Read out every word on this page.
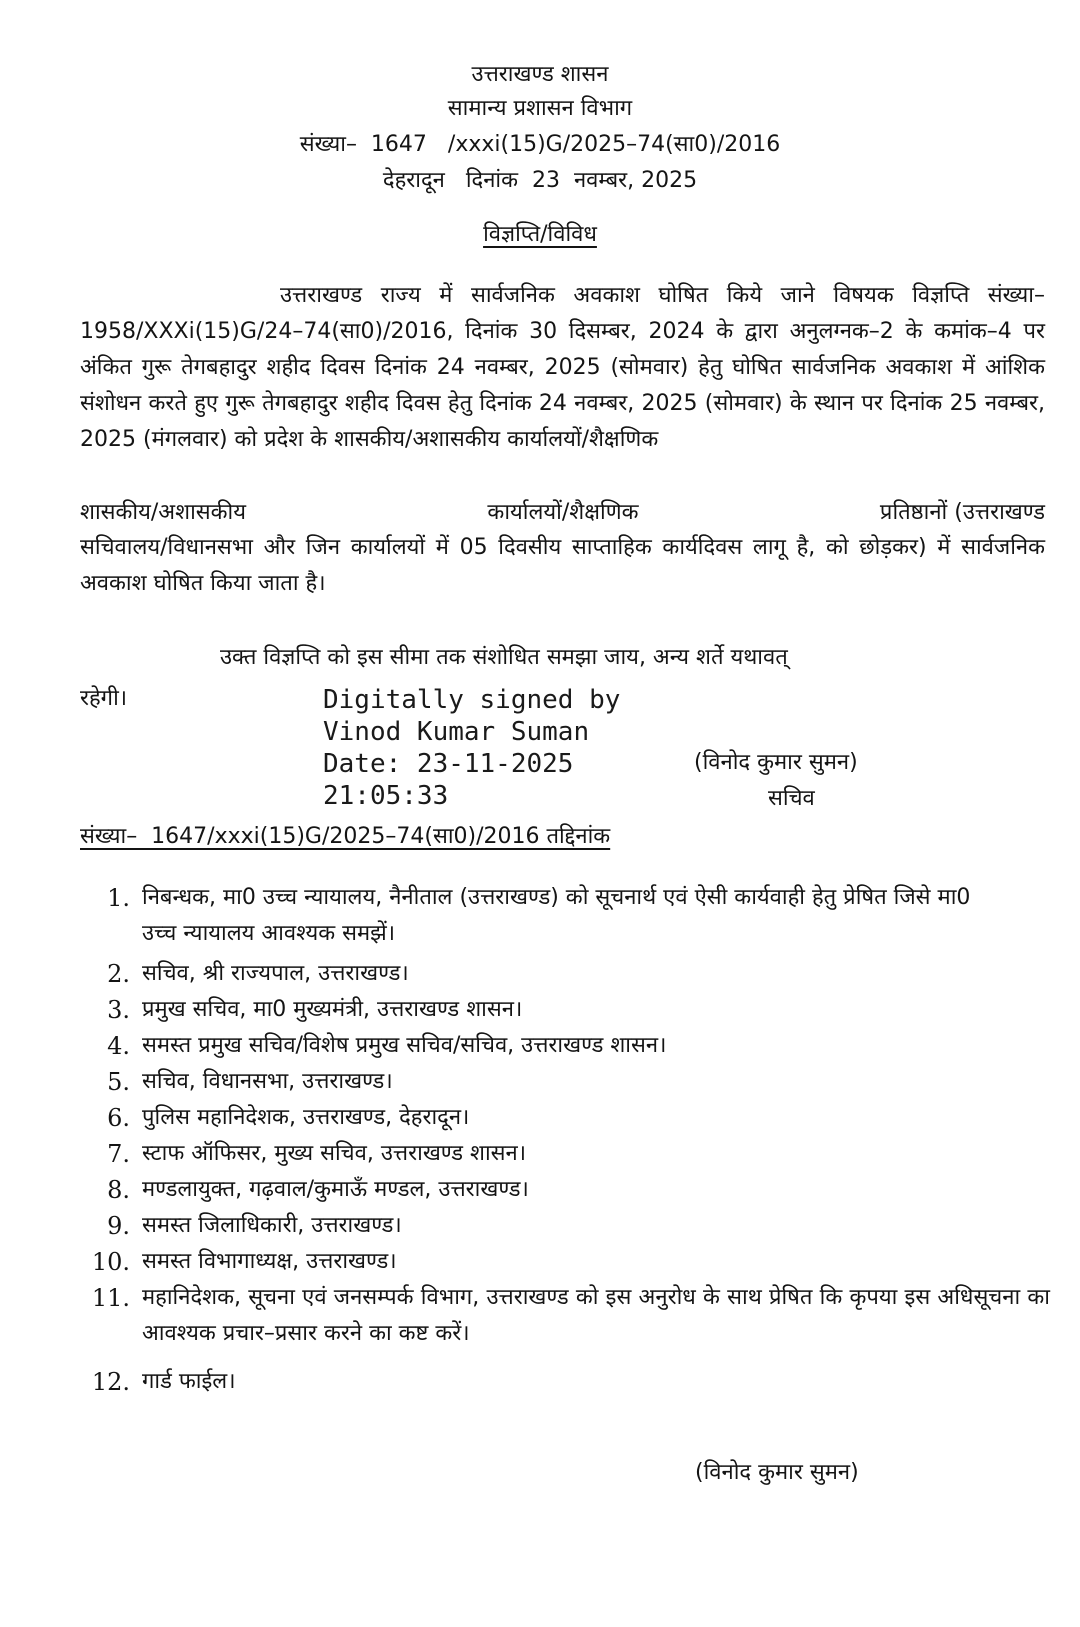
उत्तराखण्ड शासन
सामान्य प्रशासन विभाग
संख्या–  1647   /xxxi(15)G/2025–74(सा0)/2016
देहरादून   दिनांक  23  नवम्बर, 2025
विज्ञप्ति/विविध
उत्तराखण्ड राज्य में सार्वजनिक अवकाश घोषित किये जाने विषयक विज्ञप्ति संख्या–1958/XXXi(15)G/24–74(सा0)/2016, दिनांक 30 दिसम्बर, 2024 के द्वारा अनुलग्नक–2 के कमांक–4 पर अंकित गुरू तेगबहादुर शहीद दिवस दिनांक 24 नवम्बर, 2025 (सोमवार) हेतु घोषित सार्वजनिक अवकाश में आंशिक संशोधन करते हुए गुरू तेगबहादुर शहीद दिवस हेतु दिनांक 24 नवम्बर, 2025 (सोमवार) के स्थान पर दिनांक 25 नवम्बर, 2025 (मंगलवार) को प्रदेश के शासकीय/अशासकीय कार्यालयों/शैक्षणिक
शासकीय/अशासकीय	कार्यालयों/शैक्षणिक	प्रतिष्ठानों (उत्तराखण्ड
सचिवालय/विधानसभा और जिन कार्यालयों में 05 दिवसीय साप्ताहिक कार्यदिवस लागू है, को छोड़कर) में सार्वजनिक अवकाश घोषित किया जाता है।
उक्त विज्ञप्ति को इस सीमा तक संशोधित समझा जाय, अन्य शर्ते यथावत्
रहेगी।	Digitally signed by
Vinod Kumar Suman
Date: 23-11-2025
21:05:33
(विनोद कुमार सुमन)
सचिव
संख्या–  1647/xxxi(15)G/2025–74(सा0)/2016 तद्दिनांक
1. निबन्धक, मा0 उच्च न्यायालय, नैनीताल (उत्तराखण्ड) को सूचनार्थ एवं ऐसी कार्यवाही हेतु प्रेषित जिसे मा0 उच्च न्यायालय आवश्यक समझें।
2. सचिव, श्री राज्यपाल, उत्तराखण्ड।
3. प्रमुख सचिव, मा0 मुख्यमंत्री, उत्तराखण्ड शासन।
4. समस्त प्रमुख सचिव/विशेष प्रमुख सचिव/सचिव, उत्तराखण्ड शासन।
5. सचिव, विधानसभा, उत्तराखण्ड।
6. पुलिस महानिदेशक, उत्तराखण्ड, देहरादून।
7. स्टाफ ऑफिसर, मुख्य सचिव, उत्तराखण्ड शासन।
8. मण्डलायुक्त, गढ़वाल/कुमाऊँ मण्डल, उत्तराखण्ड।
9. समस्त जिलाधिकारी, उत्तराखण्ड।
10. समस्त विभागाध्यक्ष, उत्तराखण्ड।
11. महानिदेशक, सूचना एवं जनसम्पर्क विभाग, उत्तराखण्ड को इस अनुरोध के साथ प्रेषित कि कृपया इस अधिसूचना का आवश्यक प्रचार–प्रसार करने का कष्ट करें।
12. गार्ड फाईल।
(विनोद कुमार सुमन)
